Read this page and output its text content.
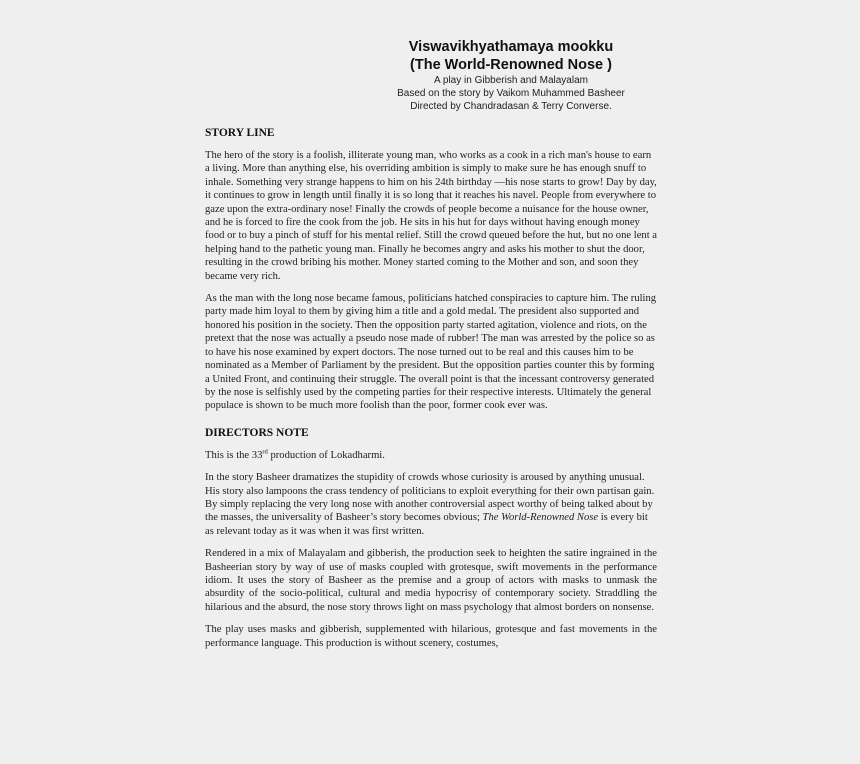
Viswavikhyathamaya mookku
(The World-Renowned Nose )
A play in Gibberish and Malayalam
Based on the story by Vaikom Muhammed Basheer
Directed by Chandradasan & Terry Converse.
STORY LINE

The hero of the story is a foolish, illiterate young man, who works as a cook in a rich man's house to earn a living. More than anything else, his overriding ambition is simply to make sure he has enough snuff to inhale. Something very strange happens to him on his 24th birthday —his nose starts to grow! Day by day, it continues to grow in length until finally it is so long that it reaches his navel. People from everywhere to gaze upon the extra-ordinary nose! Finally the crowds of people become a nuisance for the house owner, and he is forced to fire the cook from the job. He sits in his hut for days without having enough money food or to buy a pinch of stuff for his mental relief. Still the crowd queued before the hut, but no one lent a helping hand to the pathetic young man. Finally he becomes angry and asks his mother to shut the door, resulting in the crowd bribing his mother. Money started coming to the Mother and son, and soon they became very rich.

As the man with the long nose became famous, politicians hatched conspiracies to capture him. The ruling party made him loyal to them by giving him a title and a gold medal. The president also supported and honored his position in the society. Then the opposition party started agitation, violence and riots, on the pretext that the nose was actually a pseudo nose made of rubber! The man was arrested by the police so as to have his nose examined by expert doctors. The nose turned out to be real and this causes him to be nominated as a Member of Parliament by the president. But the opposition parties counter this by forming a United Front, and continuing their struggle. The overall point is that the incessant controversy generated by the nose is selfishly used by the competing parties for their respective interests. Ultimately the general populace is shown to be much more foolish than the poor, former cook ever was.

DIRECTORS NOTE

This is the 33rd production of Lokadharmi.

In the story Basheer dramatizes the stupidity of crowds whose curiosity is aroused by anything unusual. His story also lampoons the crass tendency of politicians to exploit everything for their own partisan gain. By simply replacing the very long nose with another controversial aspect worthy of being talked about by the masses, the universality of Basheer’s story becomes obvious; The World-Renowned Nose is every bit as relevant today as it was when it was first written.

Rendered in a mix of Malayalam and gibberish, the production seek to heighten the satire ingrained in the Basheerian story by way of use of masks coupled with grotesque, swift movements in the performance idiom. It uses the story of Basheer as the premise and a group of actors with masks to unmask the absurdity of the socio-political, cultural and media hypocrisy of contemporary society. Straddling the hilarious and the absurd, the nose story throws light on mass psychology that almost borders on nonsense.

The play uses masks and gibberish, supplemented with hilarious, grotesque and fast movements in the performance language. This production is without scenery, costumes,
